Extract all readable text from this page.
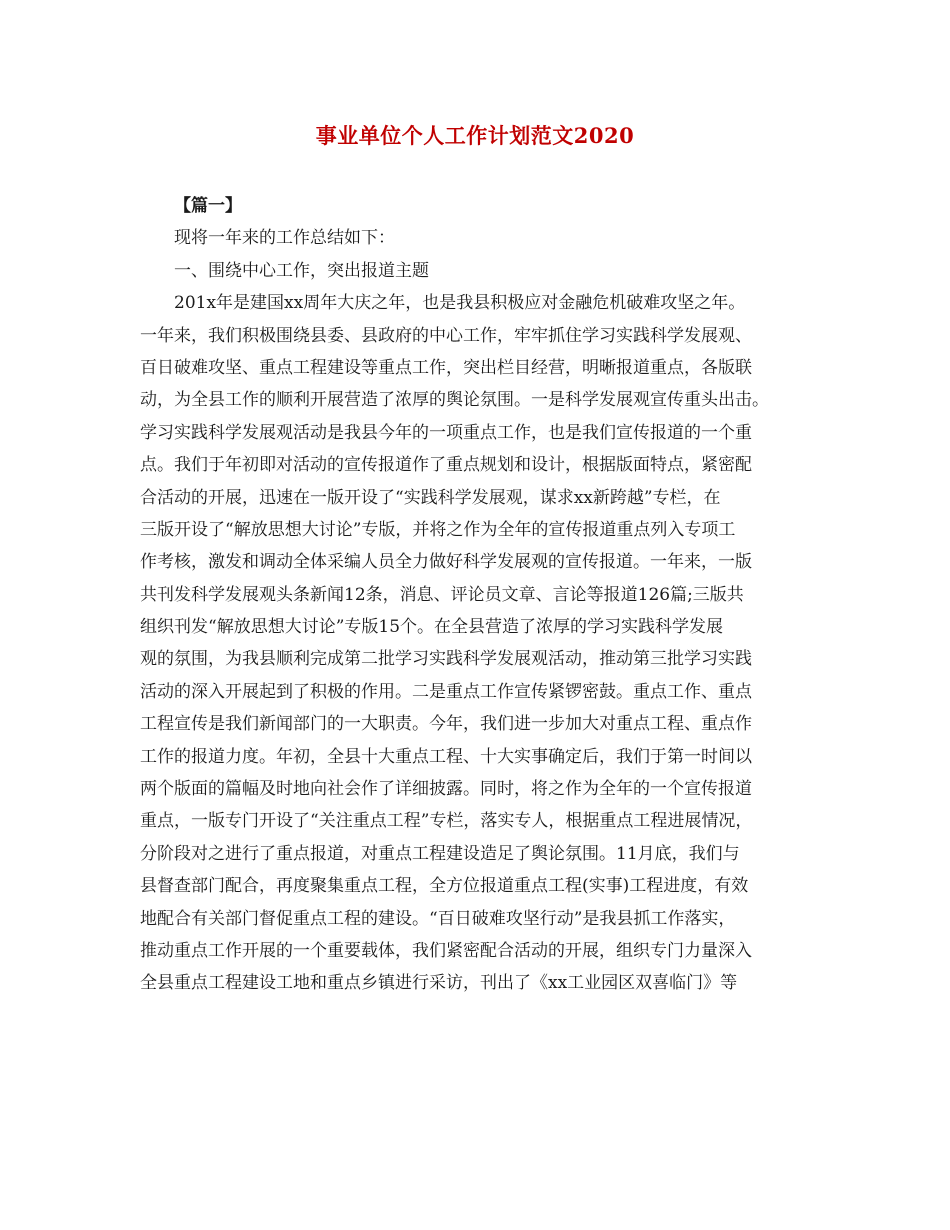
事业单位个人工作计划范文2020
【篇一】
现将一年来的工作总结如下：
一、围绕中心工作，突出报道主题
201x年是建国xx周年大庆之年，也是我县积极应对金融危机破难攻坚之年。
一年来，我们积极围绕县委、县政府的中心工作，牢牢抓住学习实践科学发展观、
百日破难攻坚、重点工程建设等重点工作，突出栏目经营，明晰报道重点，各版联
动，为全县工作的顺利开展营造了浓厚的舆论氛围。一是科学发展观宣传重头出击。
学习实践科学发展观活动是我县今年的一项重点工作，也是我们宣传报道的一个重
点。我们于年初即对活动的宣传报道作了重点规划和设计，根据版面特点，紧密配
合活动的开展，迅速在一版开设了“实践科学发展观，谋求xx新跨越”专栏，在
三版开设了“解放思想大讨论”专版，并将之作为全年的宣传报道重点列入专项工
作考核，激发和调动全体采编人员全力做好科学发展观的宣传报道。一年来，一版
共刊发科学发展观头条新闻12条，消息、评论员文章、言论等报道126篇;三版共
组织刊发“解放思想大讨论”专版15个。在全县营造了浓厚的学习实践科学发展
观的氛围，为我县顺利完成第二批学习实践科学发展观活动，推动第三批学习实践
活动的深入开展起到了积极的作用。二是重点工作宣传紧锣密鼓。重点工作、重点
工程宣传是我们新闻部门的一大职责。今年，我们进一步加大对重点工程、重点作
工作的报道力度。年初，全县十大重点工程、十大实事确定后，我们于第一时间以
两个版面的篇幅及时地向社会作了详细披露。同时，将之作为全年的一个宣传报道
重点，一版专门开设了“关注重点工程”专栏，落实专人，根据重点工程进展情况，
分阶段对之进行了重点报道，对重点工程建设造足了舆论氛围。11月底，我们与
县督查部门配合，再度聚集重点工程，全方位报道重点工程(实事)工程进度，有效
地配合有关部门督促重点工程的建设。“百日破难攻坚行动”是我县抓工作落实，
推动重点工作开展的一个重要载体，我们紧密配合活动的开展，组织专门力量深入
全县重点工程建设工地和重点乡镇进行采访，刊出了《xx工业园区双喜临门》等
